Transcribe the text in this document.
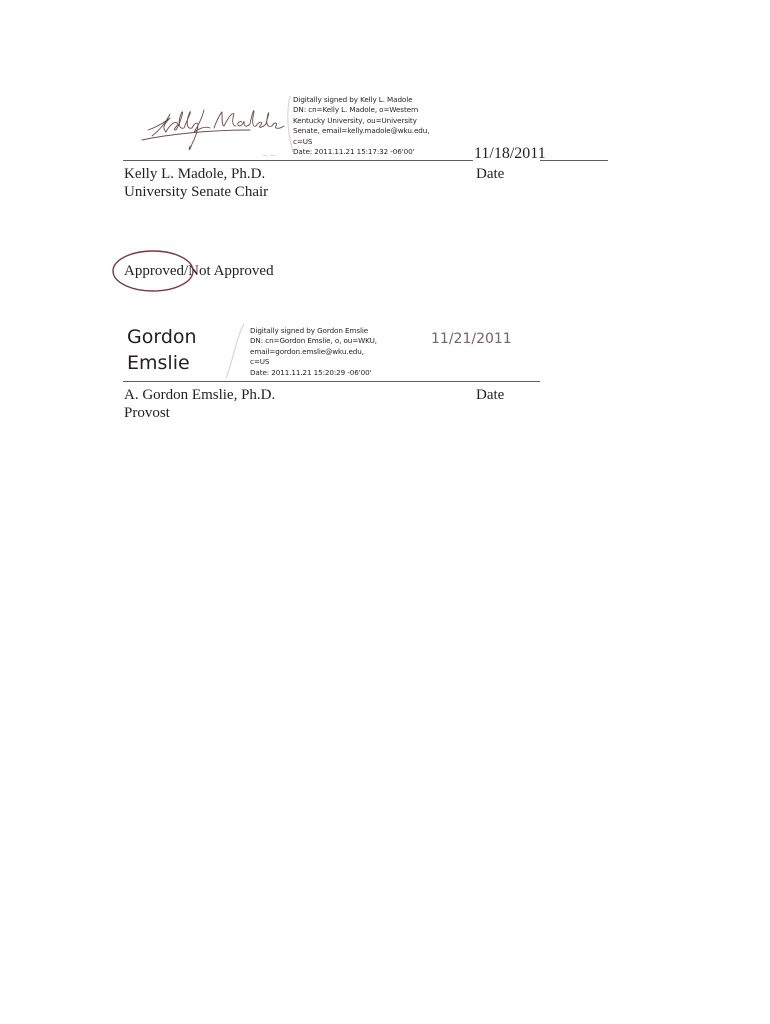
~ ~
Digitally signed by Kelly L. Madole
DN: cn=Kelly L. Madole, o=Western
Kentucky University, ou=University
Senate, email=kelly.madole@wku.edu,
c=US
Date: 2011.11.21 15:17:32 -06'00'	11/18/2011
Kelly L. Madole, Ph.D.
University Senate Chair
Date
Approved/Not Approved
Gordon
Emslie
Digitally signed by Gordon Emslie
DN: cn=Gordon Emslie, o, ou=WKU,
email=gordon.emslie@wku.edu,
c=US
Date: 2011.11.21 15:20:29 -06'00'
11/21/2011
A. Gordon Emslie, Ph.D.
Provost
Date
